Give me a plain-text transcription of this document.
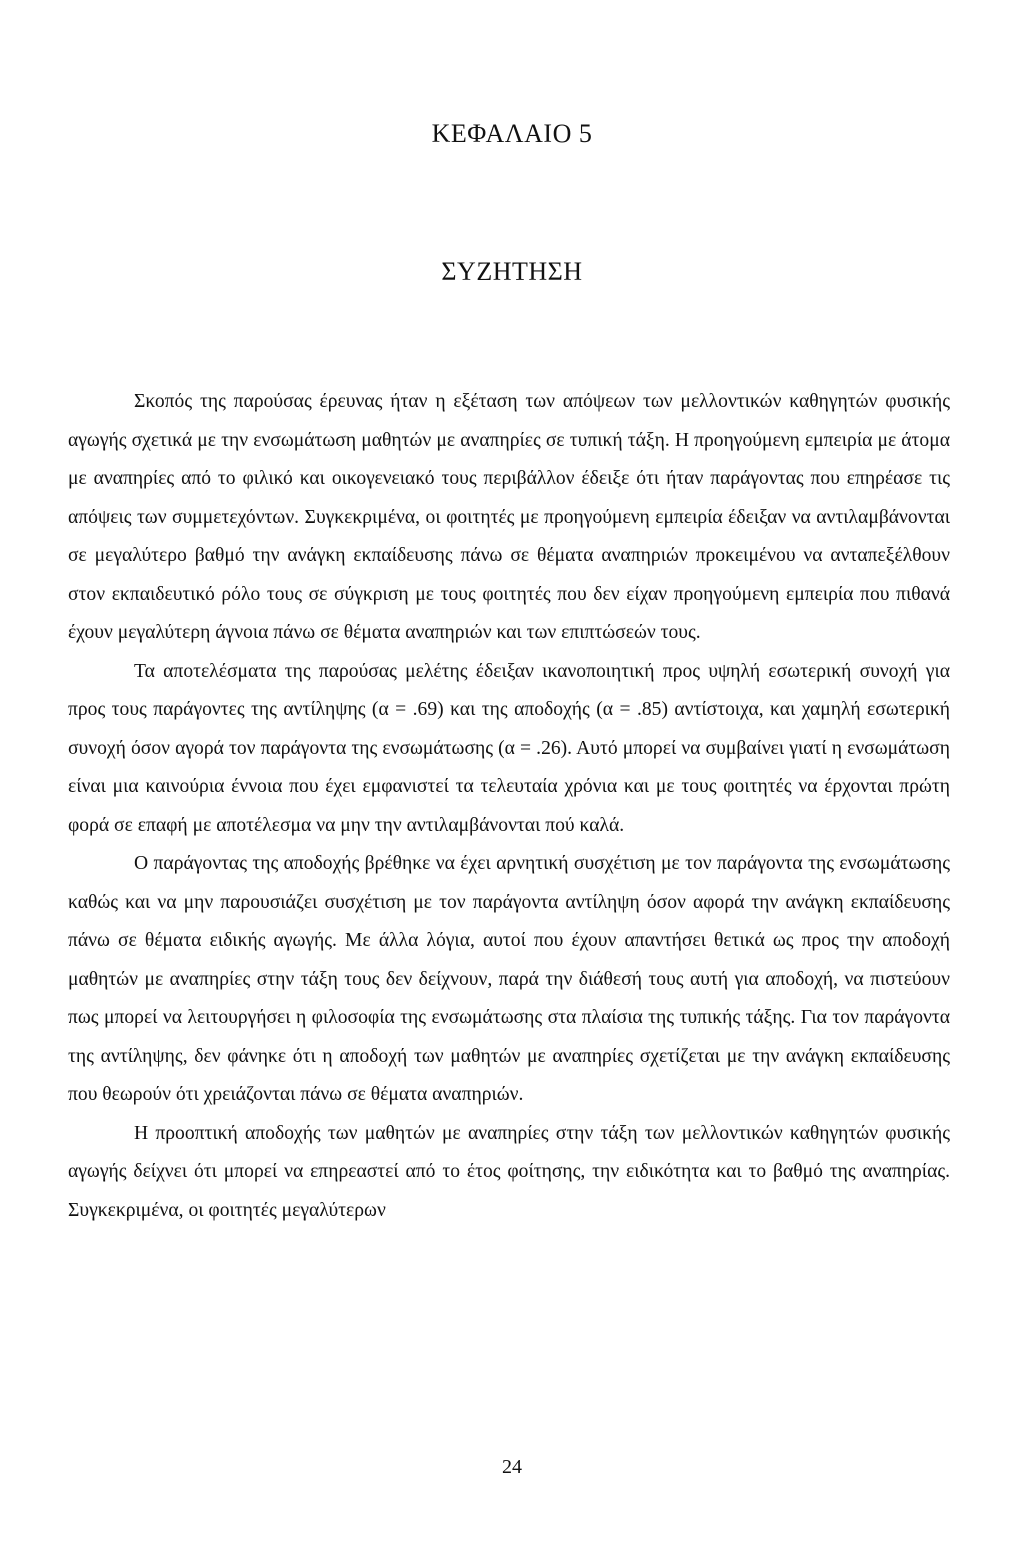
ΚΕΦΑΛΑΙΟ 5
ΣΥΖΗΤΗΣΗ

Σκοπός της παρούσας έρευνας ήταν η εξέταση των απόψεων των μελλοντικών καθηγητών φυσικής αγωγής σχετικά με την ενσωμάτωση μαθητών με αναπηρίες σε τυπική τάξη. Η προηγούμενη εμπειρία με άτομα με αναπηρίες από το φιλικό και οικογενειακό τους περιβάλλον έδειξε ότι ήταν παράγοντας που επηρέασε τις απόψεις των συμμετεχόντων. Συγκεκριμένα, οι φοιτητές με προηγούμενη εμπειρία έδειξαν να αντιλαμβάνονται σε μεγαλύτερο βαθμό την ανάγκη εκπαίδευσης πάνω σε θέματα αναπηριών προκειμένου να ανταπεξέλθουν στον εκπαιδευτικό ρόλο τους σε σύγκριση με τους φοιτητές που δεν είχαν προηγούμενη εμπειρία που πιθανά έχουν μεγαλύτερη άγνοια πάνω σε θέματα αναπηριών και των επιπτώσεών τους.

Τα αποτελέσματα της παρούσας μελέτης έδειξαν ικανοποιητική προς υψηλή εσωτερική συνοχή για προς τους παράγοντες της αντίληψης (α = .69) και της αποδοχής (α = .85) αντίστοιχα, και χαμηλή εσωτερική συνοχή όσον αγορά τον παράγοντα της ενσωμάτωσης (α = .26). Αυτό μπορεί να συμβαίνει γιατί η ενσωμάτωση είναι μια καινούρια έννοια που έχει εμφανιστεί τα τελευταία χρόνια και με τους φοιτητές να έρχονται πρώτη φορά σε επαφή με αποτέλεσμα να μην την αντιλαμβάνονται πού καλά.

Ο παράγοντας της αποδοχής βρέθηκε να έχει αρνητική συσχέτιση με τον παράγοντα της ενσωμάτωσης καθώς και να μην παρουσιάζει συσχέτιση με τον παράγοντα αντίληψη όσον αφορά την ανάγκη εκπαίδευσης πάνω σε θέματα ειδικής αγωγής. Με άλλα λόγια, αυτοί που έχουν απαντήσει θετικά ως προς την αποδοχή μαθητών με αναπηρίες στην τάξη τους δεν δείχνουν, παρά την διάθεσή τους αυτή για αποδοχή, να πιστεύουν πως μπορεί να λειτουργήσει η φιλοσοφία της ενσωμάτωσης στα πλαίσια της τυπικής τάξης. Για τον παράγοντα της αντίληψης, δεν φάνηκε ότι η αποδοχή των μαθητών με αναπηρίες σχετίζεται με την ανάγκη εκπαίδευσης που θεωρούν ότι χρειάζονται πάνω σε θέματα αναπηριών.

Η προοπτική αποδοχής των μαθητών με αναπηρίες στην τάξη των μελλοντικών καθηγητών φυσικής αγωγής δείχνει ότι μπορεί να επηρεαστεί από το έτος φοίτησης, την ειδικότητα και το βαθμό της αναπηρίας. Συγκεκριμένα, οι φοιτητές μεγαλύτερων

24
